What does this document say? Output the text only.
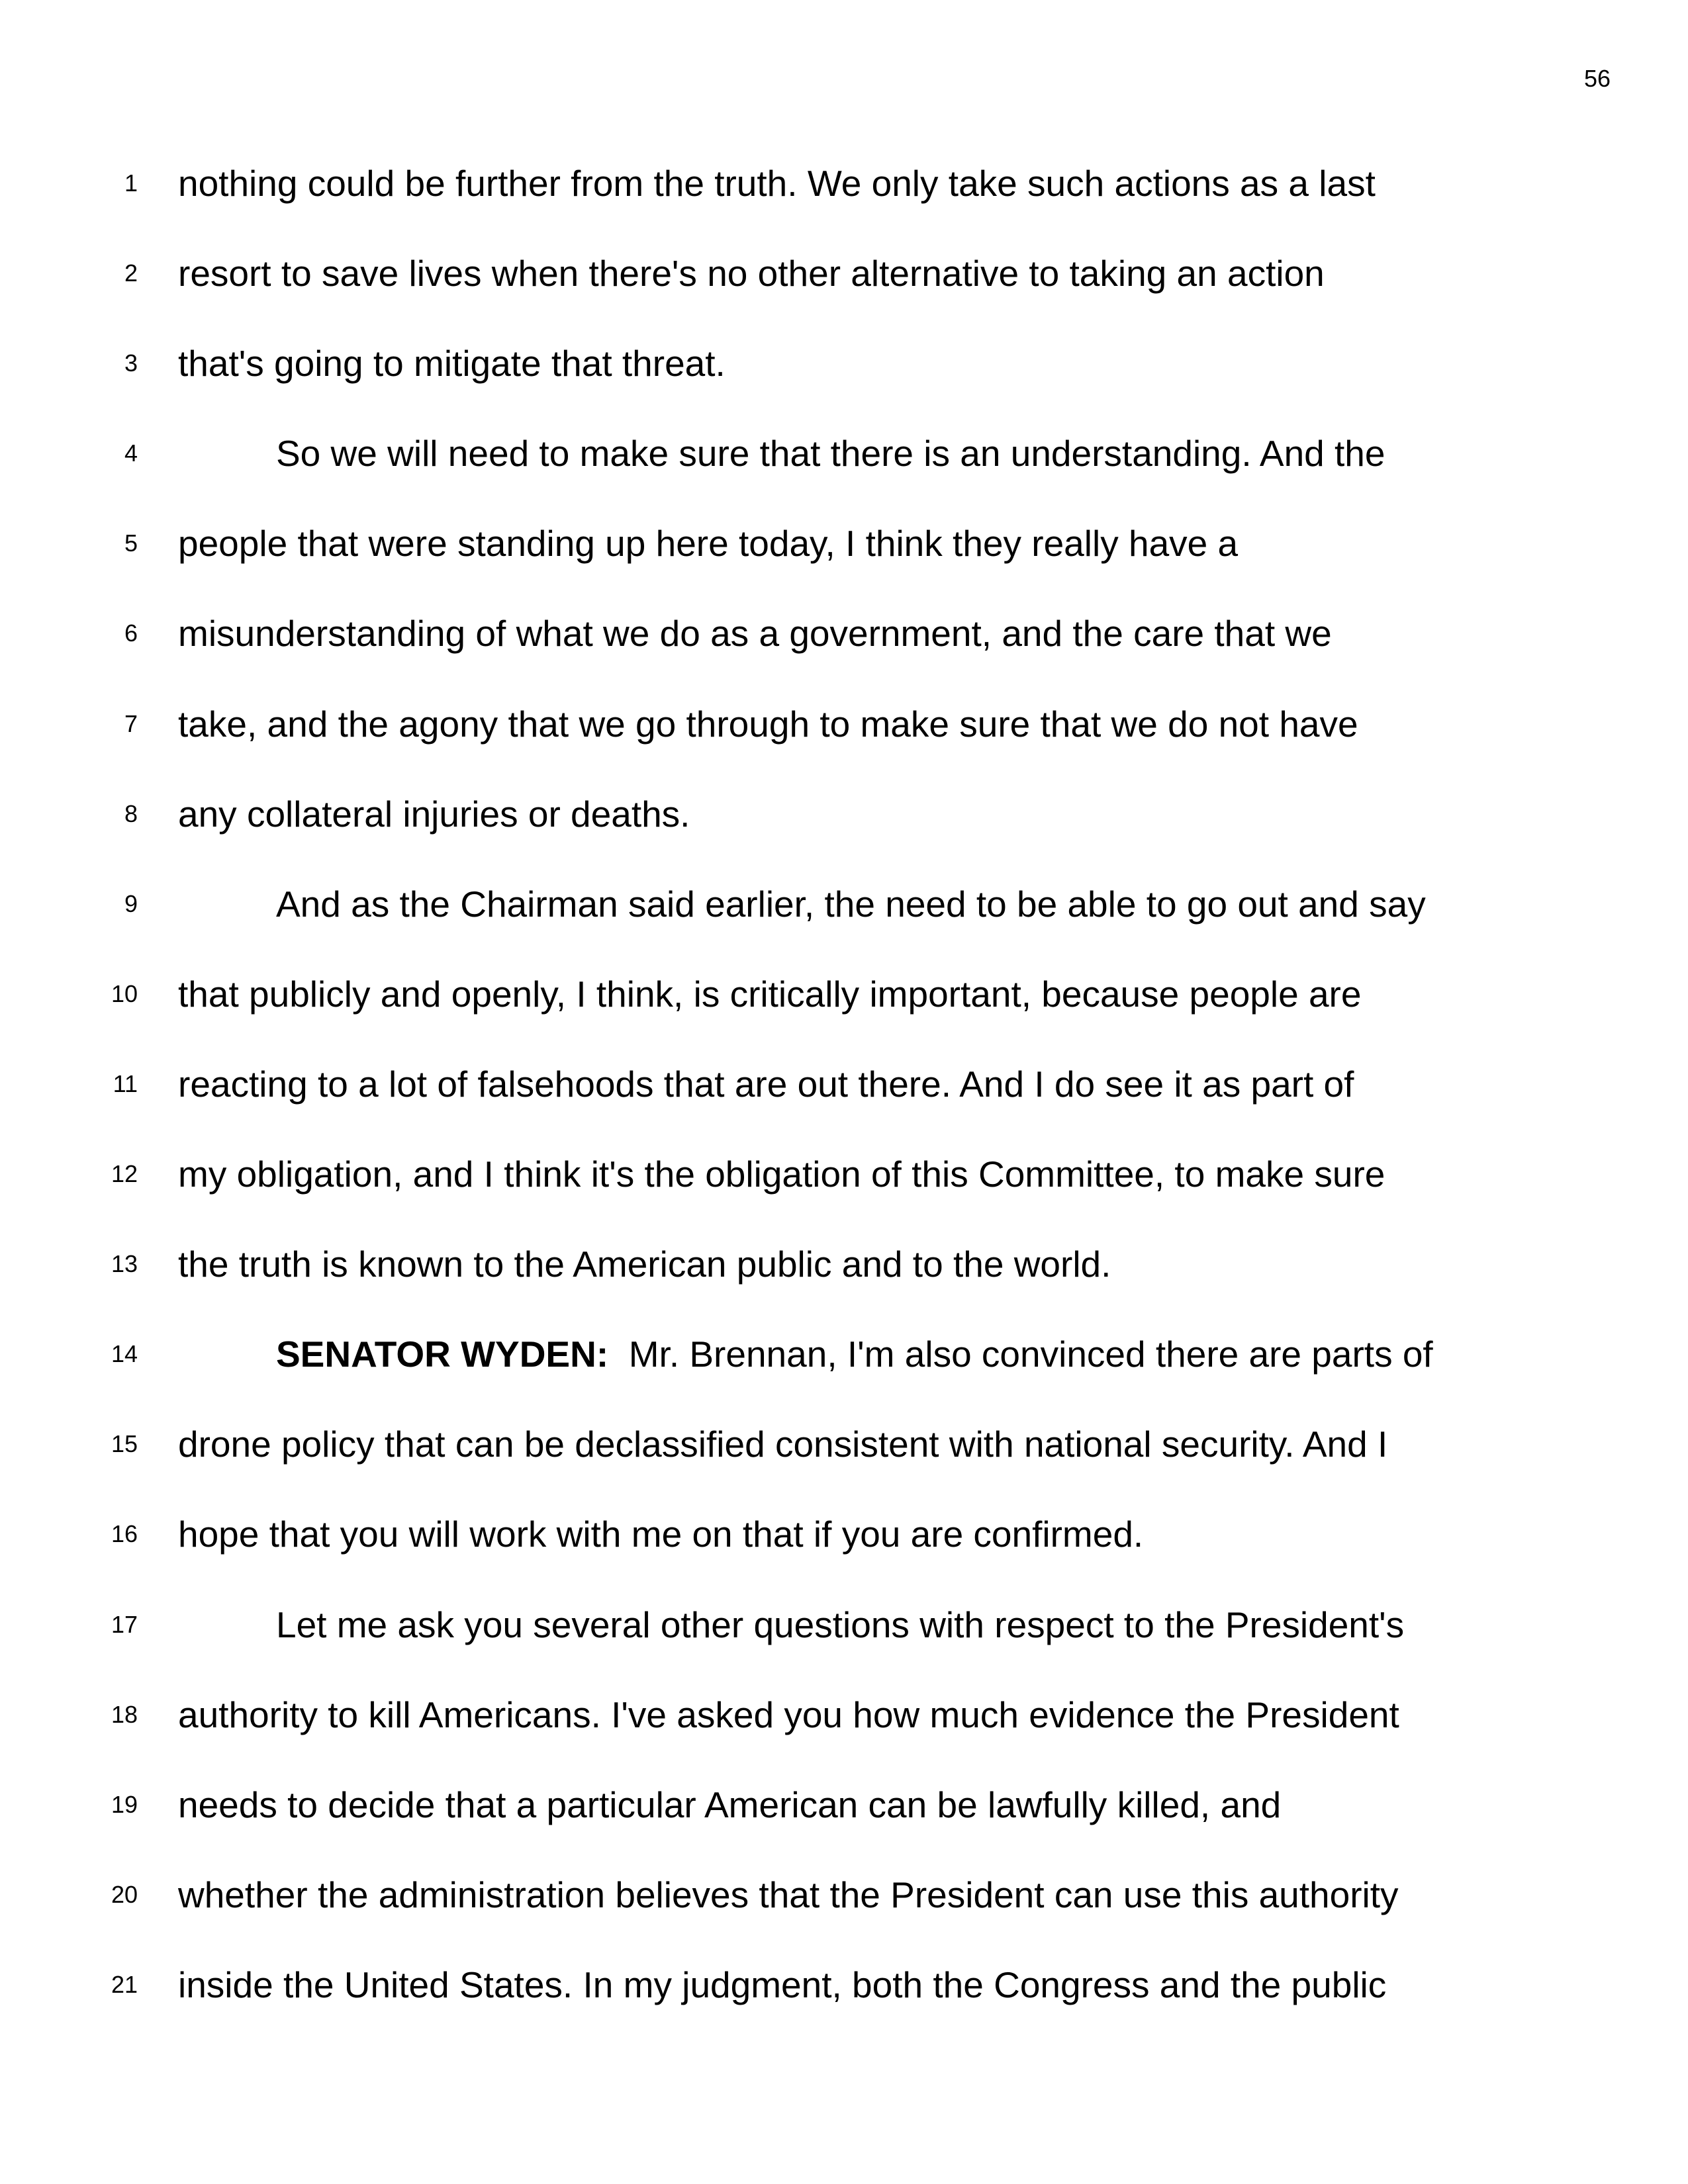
56
1 nothing could be further from the truth. We only take such actions as a last
2 resort to save lives when there's no other alternative to taking an action
3 that's going to mitigate that threat.
4	So we will need to make sure that there is an understanding. And the
5 people that were standing up here today, I think they really have a
6 misunderstanding of what we do as a government, and the care that we
7 take, and the agony that we go through to make sure that we do not have
8 any collateral injuries or deaths.
9	And as the Chairman said earlier, the need to be able to go out and say
10 that publicly and openly, I think, is critically important, because people are
11 reacting to a lot of falsehoods that are out there. And I do see it as part of
12 my obligation, and I think it's the obligation of this Committee, to make sure
13 the truth is known to the American public and to the world.
14	SENATOR WYDEN:  Mr. Brennan, I'm also convinced there are parts of
15 drone policy that can be declassified consistent with national security. And I
16 hope that you will work with me on that if you are confirmed.
17	Let me ask you several other questions with respect to the President's
18 authority to kill Americans. I've asked you how much evidence the President
19 needs to decide that a particular American can be lawfully killed, and
20 whether the administration believes that the President can use this authority
21 inside the United States. In my judgment, both the Congress and the public
